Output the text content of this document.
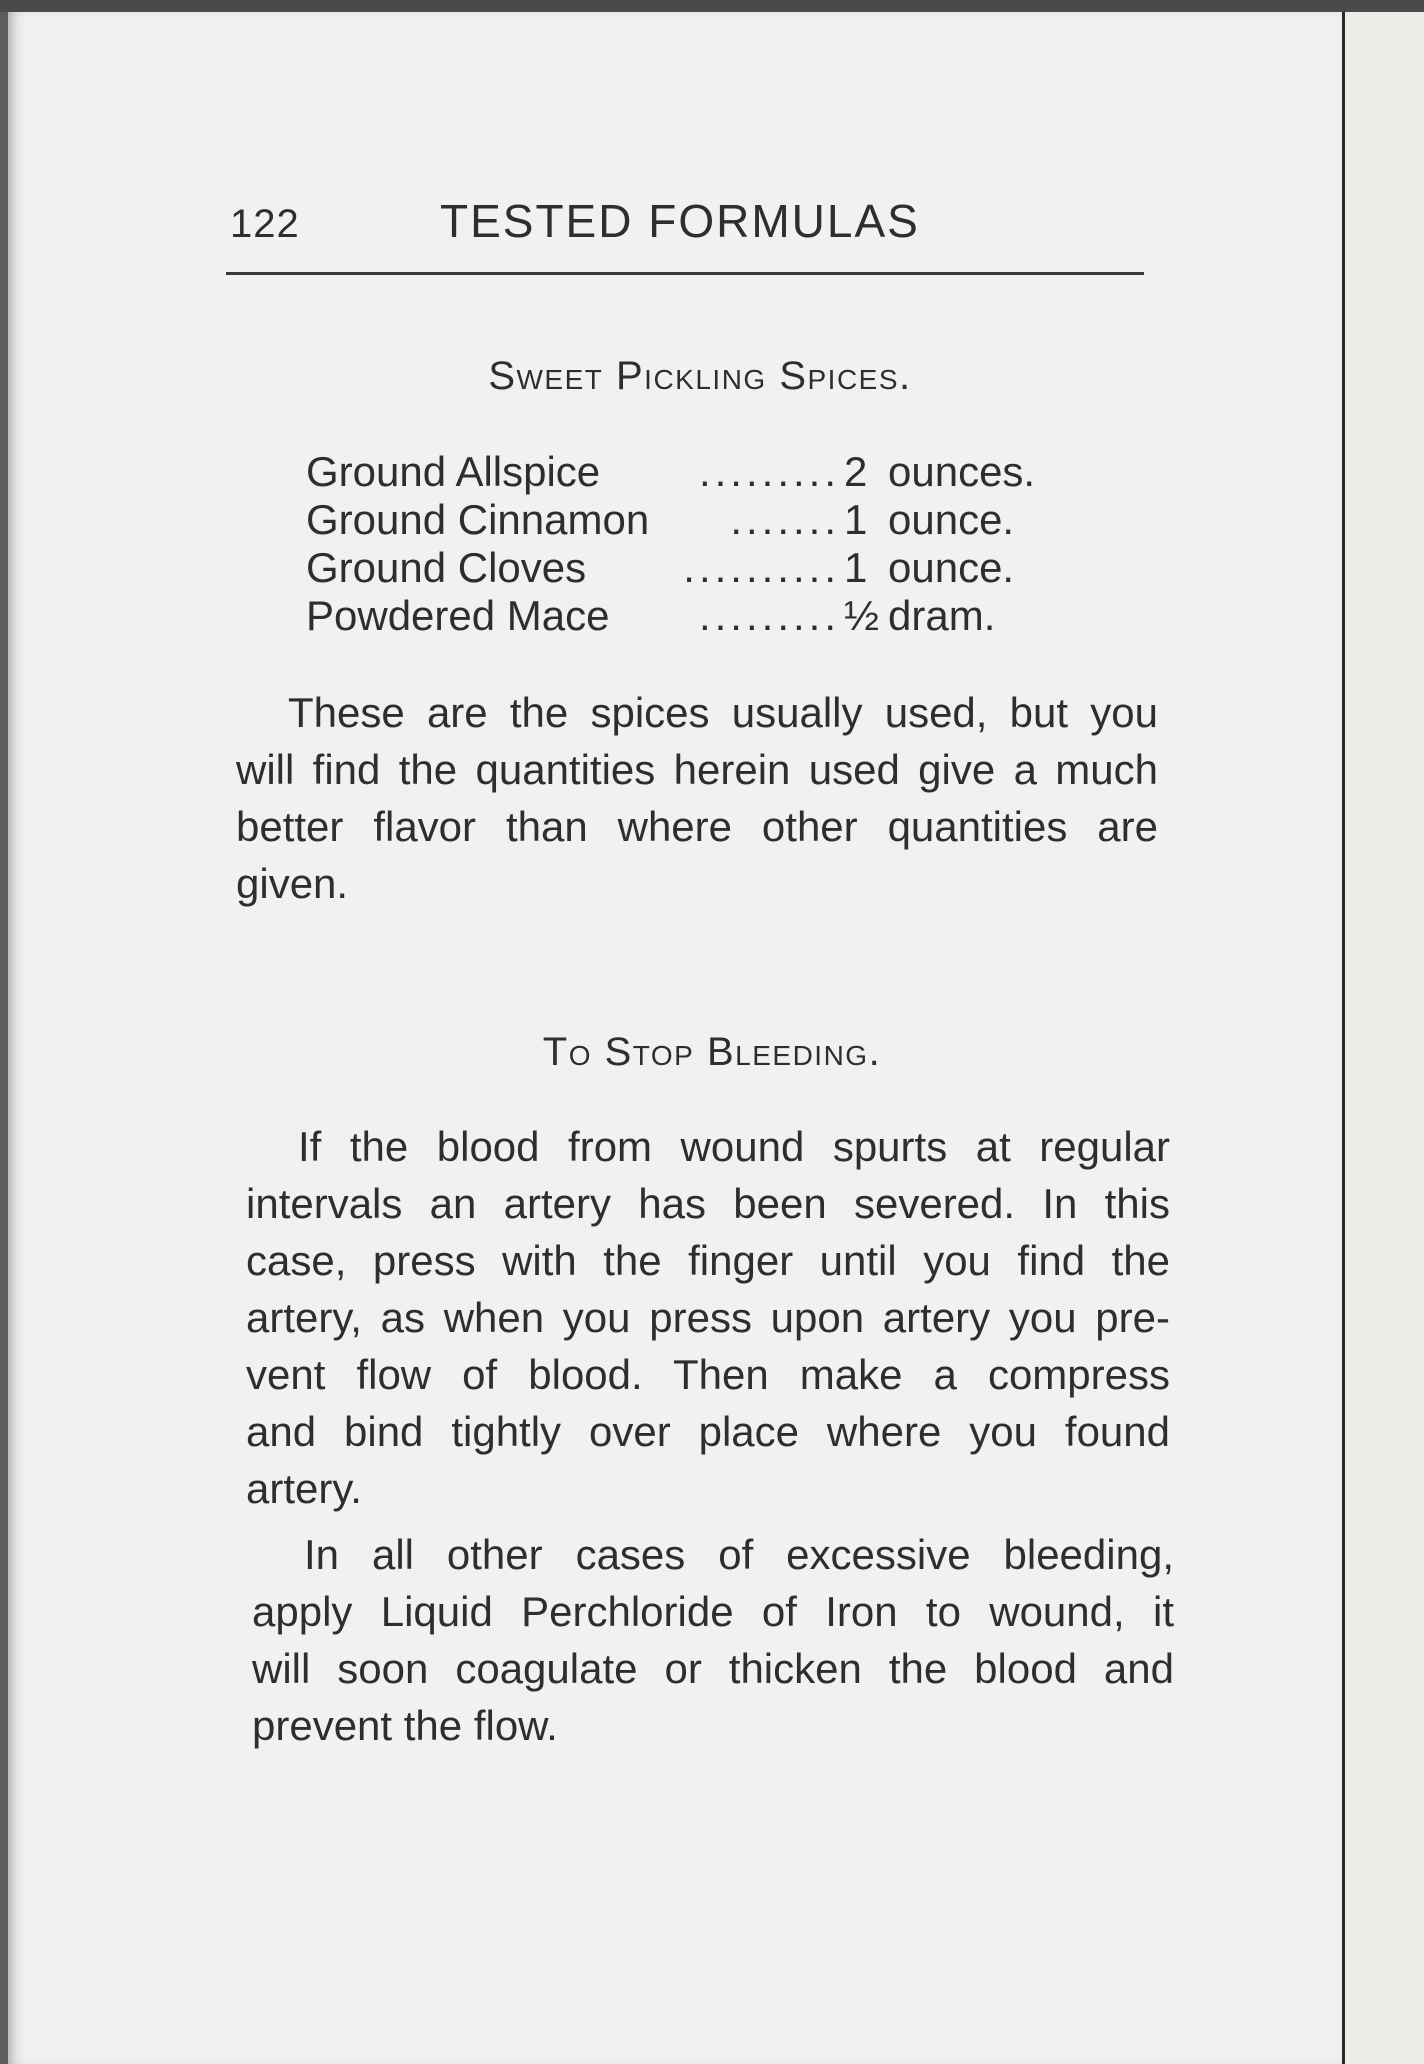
122	TESTED FORMULAS
Sweet Pickling Spices.
Ground Allspice	......... 2 ounces.
Ground Cinnamon	....... 1 ounce.
Ground Cloves	.......... 1 ounce.
Powdered Mace	......... ½ dram.
These are the spices usually used, but you
will find the quantities herein used give a much
better flavor than where other quantities are
given.
To Stop Bleeding.
If the blood from wound spurts at regular
intervals an artery has been severed. In this
case, press with the finger until you find the
artery, as when you press upon artery you pre-
vent flow of blood. Then make a compress
and bind tightly over place where you found
artery.
In all other cases of excessive bleeding,
apply Liquid Perchloride of Iron to wound, it
will soon coagulate or thicken the blood and
prevent the flow.
